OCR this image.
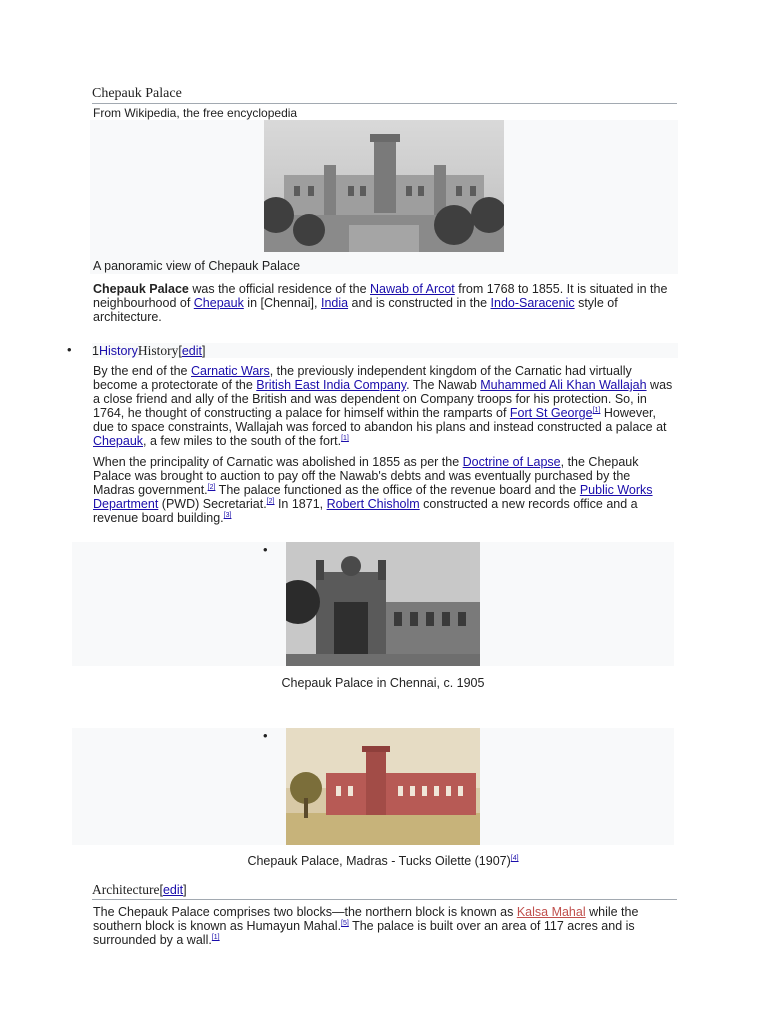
Chepauk Palace
From Wikipedia, the free encyclopedia
A panoramic view of Chepauk Palace

Chepauk Palace was the official residence of the Nawab of Arcot from 1768 to 1855. It is situated in the neighbourhood of Chepauk in [Chennai], India and is constructed in the Indo-Saracenic style of architecture.

• 1HistoryHistory[edit]

By the end of the Carnatic Wars, the previously independent kingdom of the Carnatic had virtually become a protectorate of the British East India Company. The Nawab Muhammed Ali Khan Wallajah was a close friend and ally of the British and was dependent on Company troops for his protection. So, in 1764, he thought of constructing a palace for himself within the ramparts of Fort St George[1] However, due to space constraints, Wallajah was forced to abandon his plans and instead constructed a palace at Chepauk, a few miles to the south of the fort.[1]

When the principality of Carnatic was abolished in 1855 as per the Doctrine of Lapse, the Chepauk Palace was brought to auction to pay off the Nawab's debts and was eventually purchased by the Madras government.[2] The palace functioned as the office of the revenue board and the Public Works Department (PWD) Secretariat.[2] In 1871, Robert Chisholm constructed a new records office and a revenue board building.[3]

•
Chepauk Palace in Chennai, c. 1905
•
Chepauk Palace, Madras - Tucks Oilette (1907)[4]
Architecture[edit]

The Chepauk Palace comprises two blocks—the northern block is known as Kalsa Mahal while the southern block is known as Humayun Mahal.[5] The palace is built over an area of 117 acres and is surrounded by a wall.[1]
